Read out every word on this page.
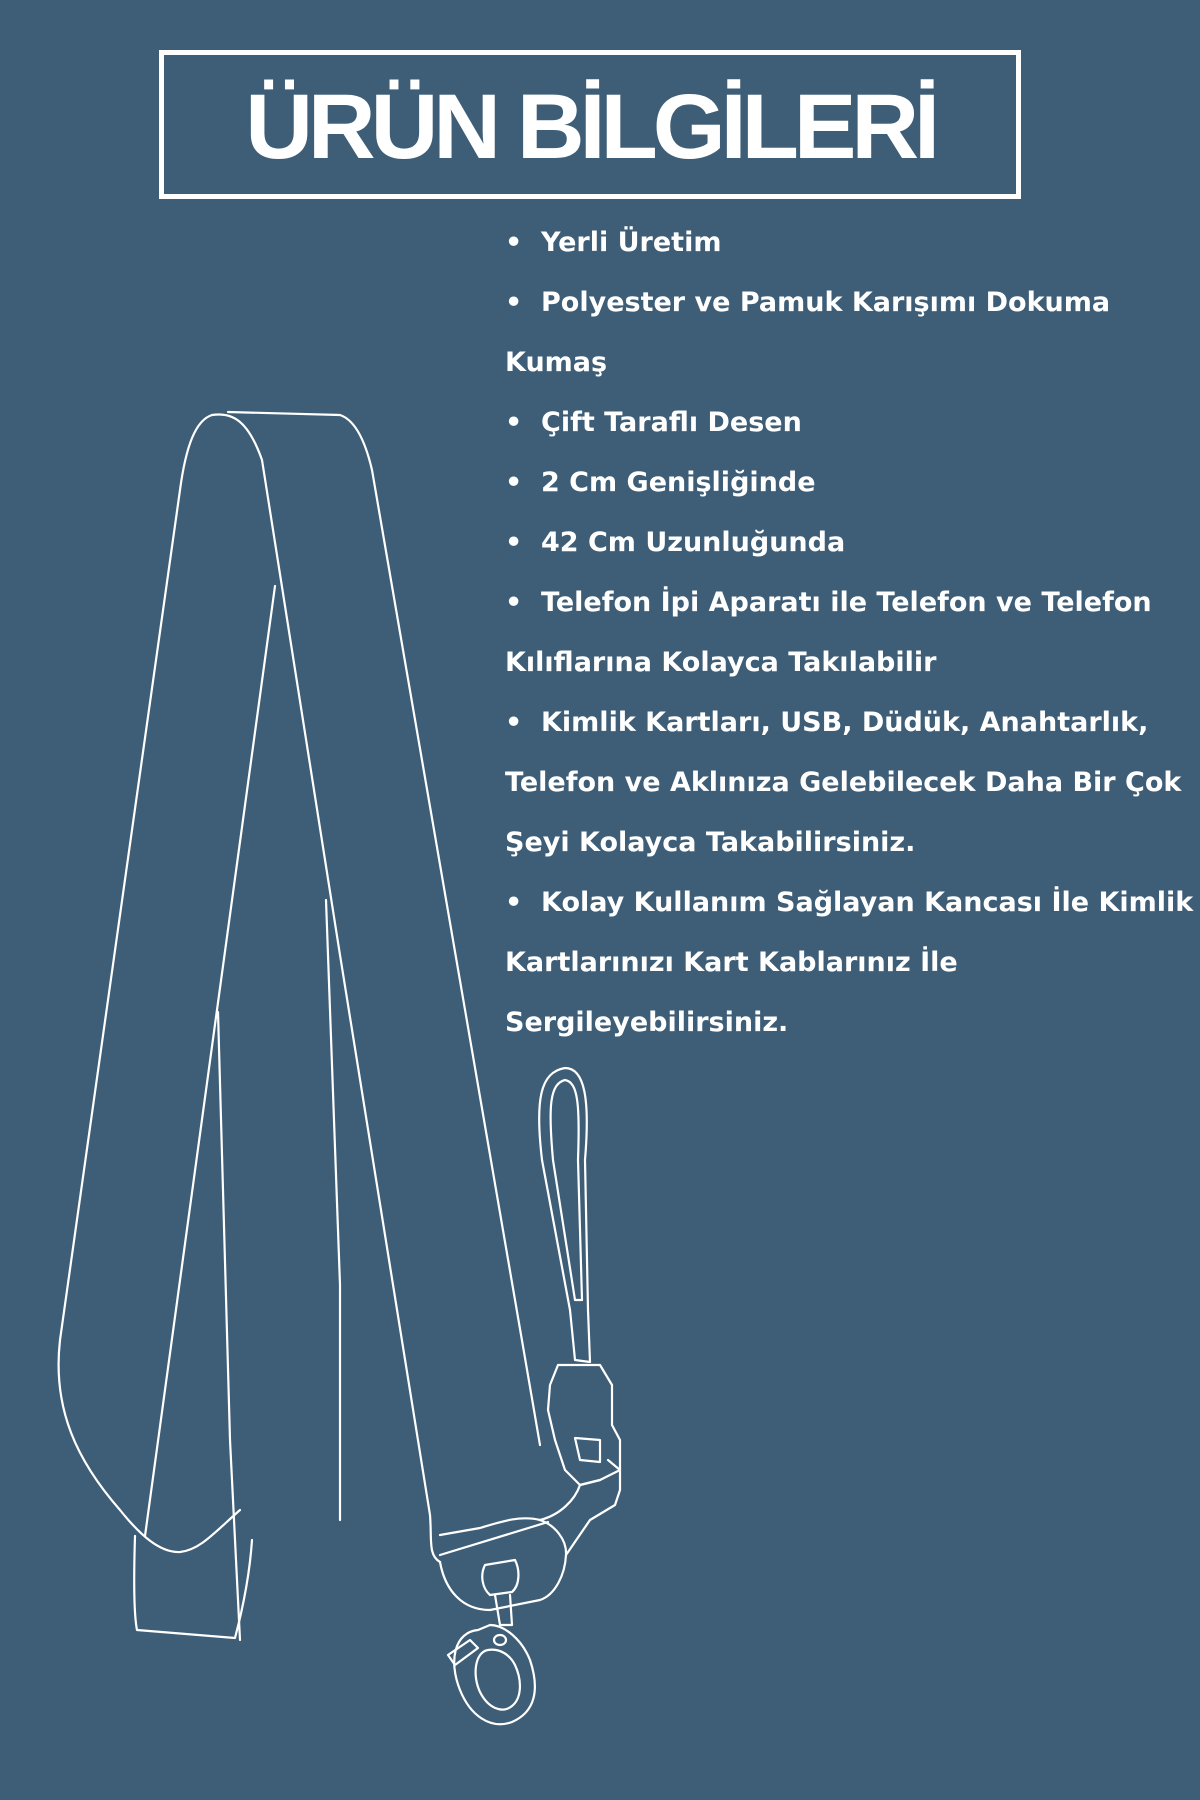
ÜRÜN BİLGİLERİ
• Yerli Üretim
• Polyester ve Pamuk Karışımı Dokuma Kumaş
• Çift Taraflı Desen
• 2 Cm Genişliğinde
• 42 Cm Uzunluğunda
• Telefon İpi Aparatı ile Telefon ve Telefon Kılıflarına Kolayca Takılabilir
• Kimlik Kartları, USB, Düdük, Anahtarlık, Telefon ve Aklınıza Gelebilecek Daha Bir Çok Şeyi Kolayca Takabilirsiniz.
• Kolay Kullanım Sağlayan Kancası İle Kimlik Kartlarınızı Kart Kablarınız İle Sergileyebilirsiniz.
